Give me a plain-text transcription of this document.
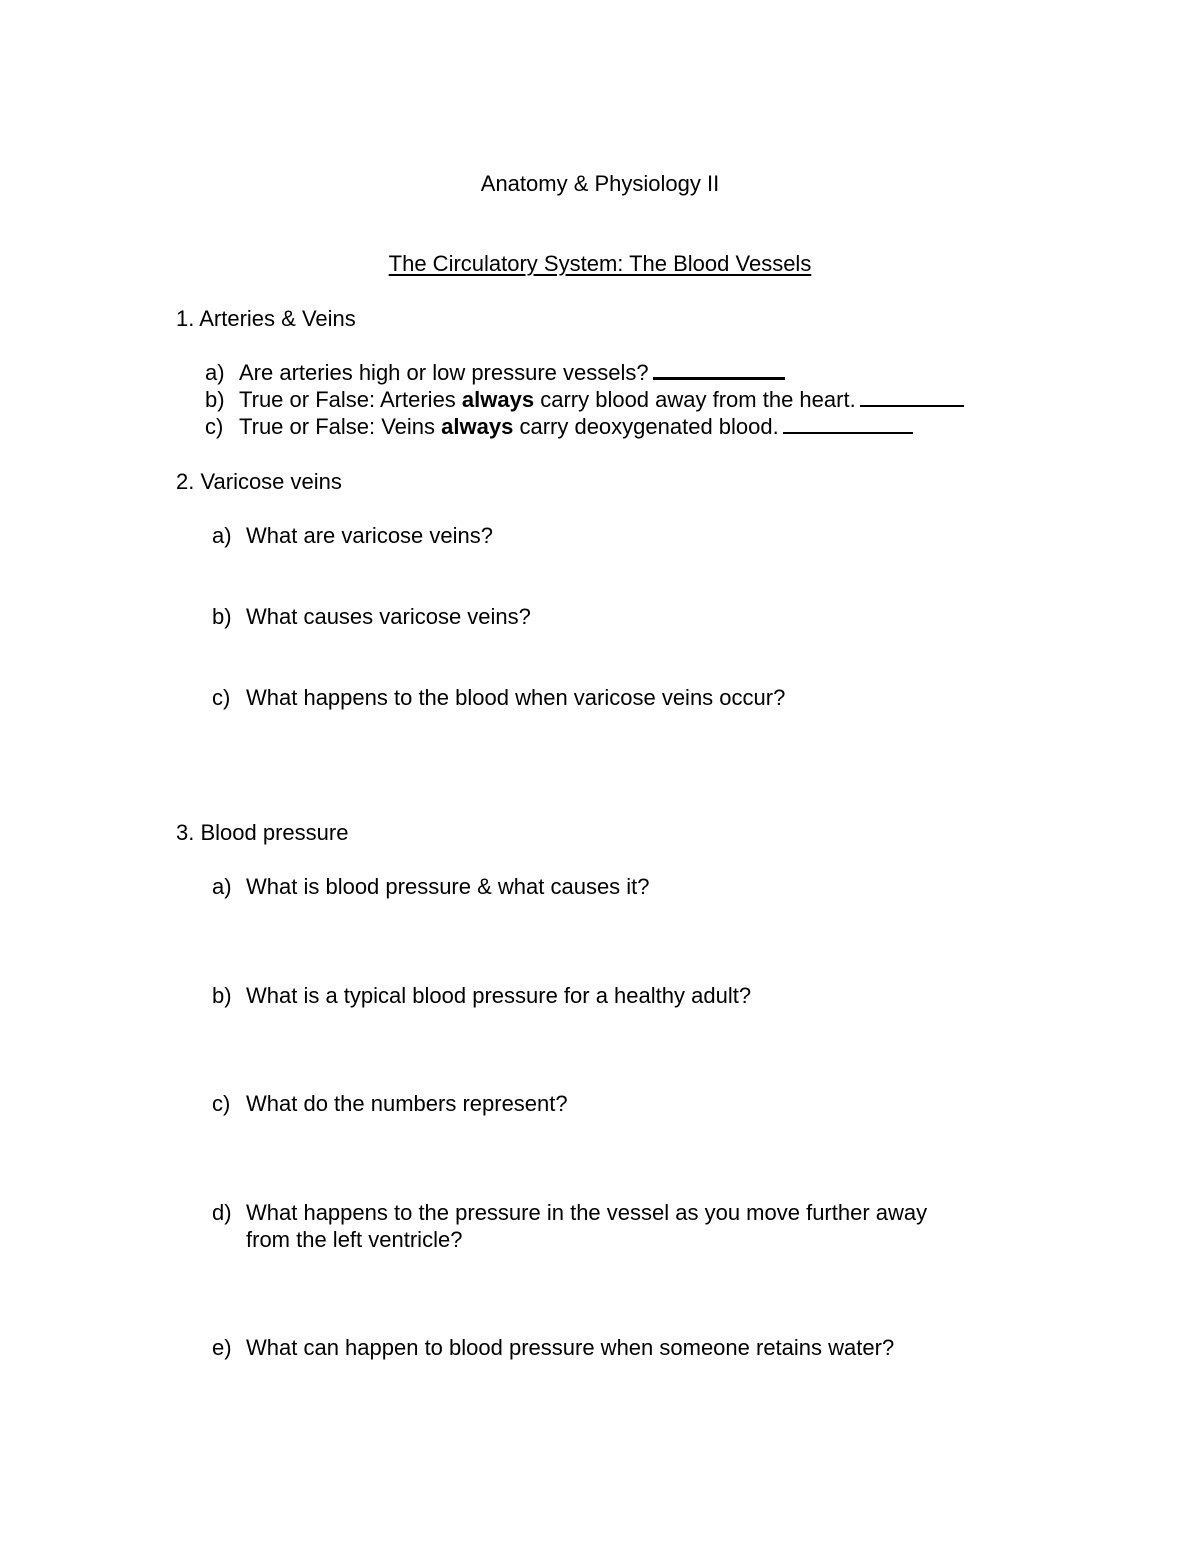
Anatomy & Physiology II
The Circulatory System: The Blood Vessels
1. Arteries & Veins
a) Are arteries high or low pressure vessels?
b) True or False: Arteries always carry blood away from the heart.
c) True or False: Veins always carry deoxygenated blood.
2. Varicose veins
a) What are varicose veins?
b) What causes varicose veins?
c) What happens to the blood when varicose veins occur?
3. Blood pressure
a) What is blood pressure & what causes it?
b) What is a typical blood pressure for a healthy adult?
c) What do the numbers represent?
d) What happens to the pressure in the vessel as you move further away
from the left ventricle?
e) What can happen to blood pressure when someone retains water?
